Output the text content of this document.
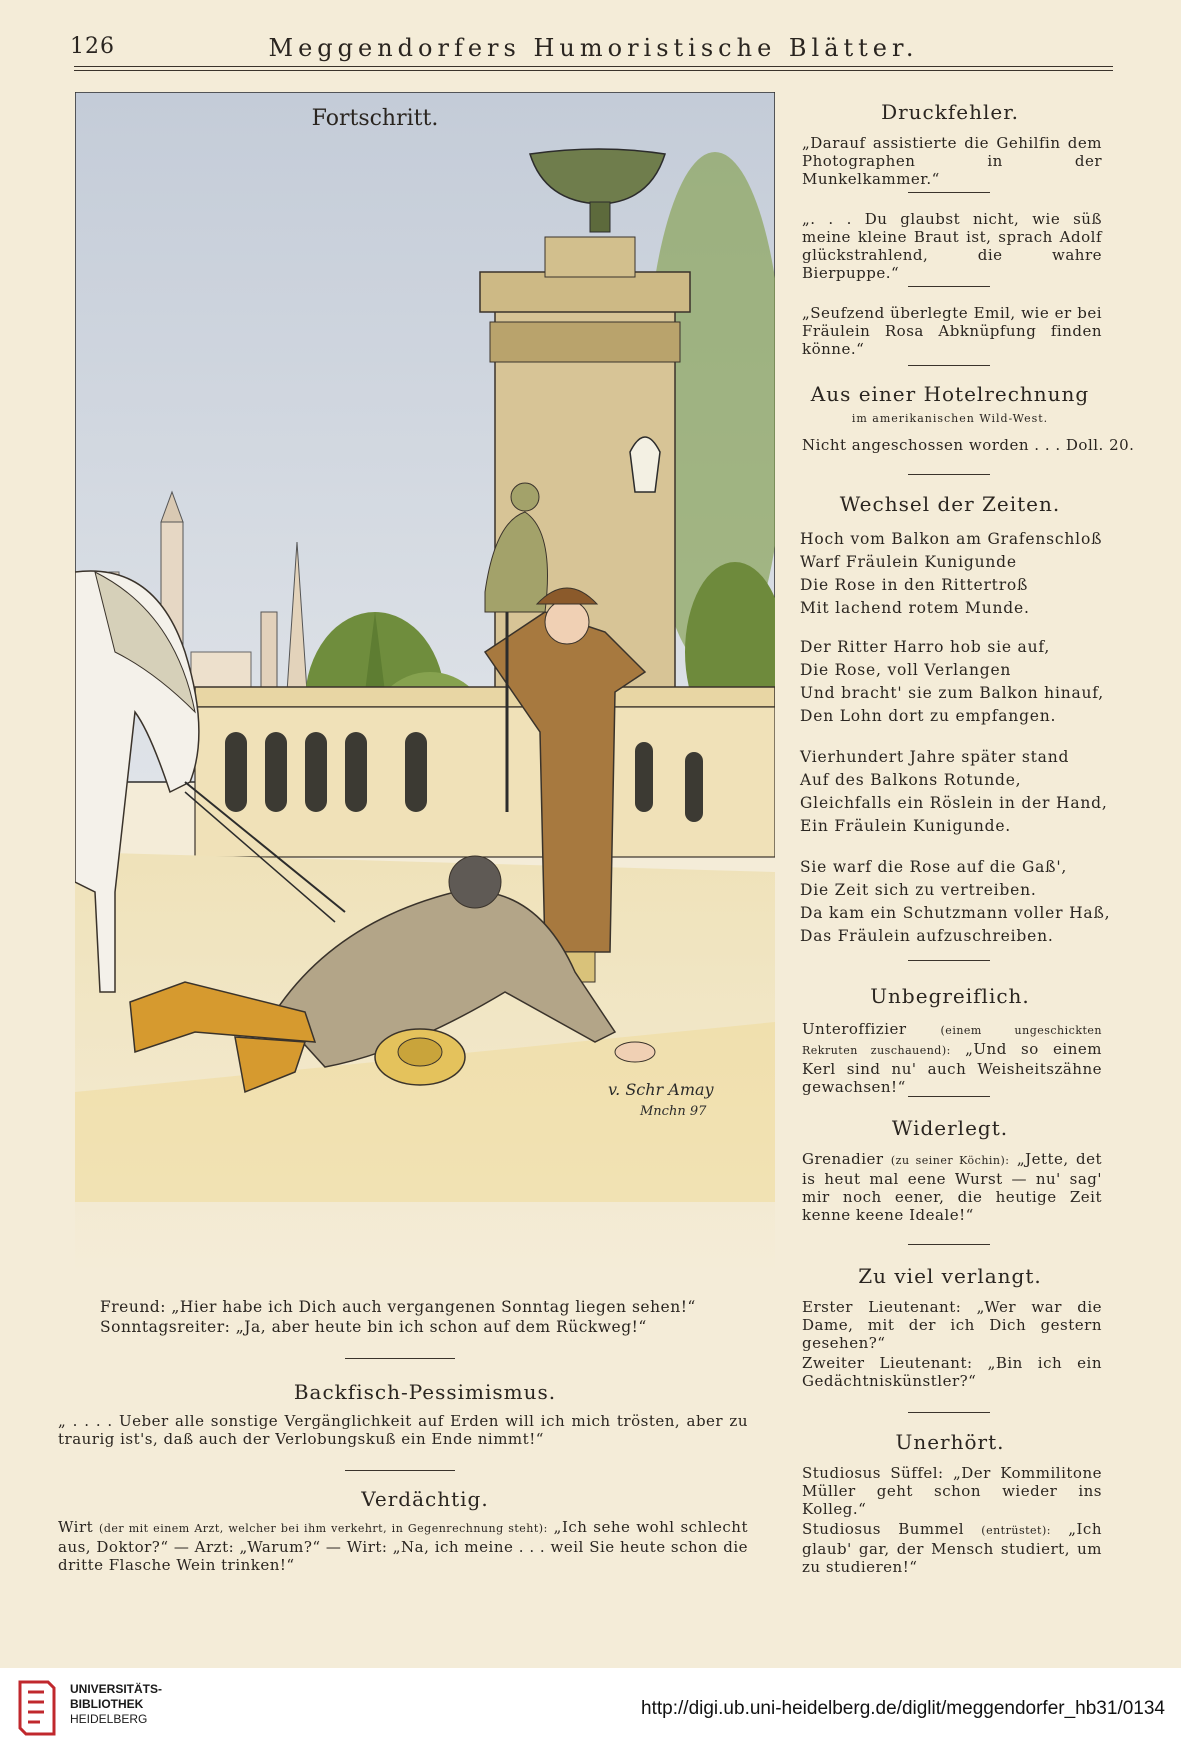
126	Meggendorfers Humoristische Blätter.
Fortschritt.
v. Schr Amay
Mnchn 97
Freund: „Hier habe ich Dich auch vergangenen Sonntag liegen sehen!“
Sonntagsreiter: „Ja, aber heute bin ich schon auf dem Rückweg!“
Backfisch-Pessimismus.
„ . . . . Ueber alle sonstige Vergänglichkeit auf Erden will ich mich trösten, aber zu traurig ist's, daß auch der Verlobungskuß ein Ende nimmt!“
Verdächtig.
Wirt (der mit einem Arzt, welcher bei ihm verkehrt, in Gegenrechnung steht): „Ich sehe wohl schlecht aus, Doktor?“ — Arzt: „Warum?“ — Wirt: „Na, ich meine . . . weil Sie heute schon die dritte Flasche Wein trinken!“
Druckfehler.
„Darauf assistierte die Gehilfin dem Photographen in der Munkelkammer.“
„. . . Du glaubst nicht, wie süß meine kleine Braut ist, sprach Adolf glückstrahlend, die wahre Bierpuppe.“
„Seufzend überlegte Emil, wie er bei Fräulein Rosa Abknüpfung finden könne.“
Aus einer Hotelrechnung
im amerikanischen Wild-West.
Nicht angeschossen worden . . . Doll. 20.
Wechsel der Zeiten.
Hoch vom Balkon am Grafenschloß
Warf Fräulein Kunigunde
Die Rose in den Rittertroß
Mit lachend rotem Munde.
Der Ritter Harro hob sie auf,
Die Rose, voll Verlangen
Und bracht' sie zum Balkon hinauf,
Den Lohn dort zu empfangen.
Vierhundert Jahre später stand
Auf des Balkons Rotunde,
Gleichfalls ein Röslein in der Hand,
Ein Fräulein Kunigunde.
Sie warf die Rose auf die Gaß',
Die Zeit sich zu vertreiben.
Da kam ein Schutzmann voller Haß,
Das Fräulein aufzuschreiben.
Unbegreiflich.
Unteroffizier	(einem ungeschickten Rekruten zuschauend): „Und so einem Kerl sind nu' auch Weisheitszähne gewachsen!“
Widerlegt.
Grenadier (zu seiner Köchin): „Jette, det is heut mal eene Wurst — nu' sag' mir noch eener, die heutige Zeit kenne keene Ideale!“
Zu viel verlangt.
Erster Lieutenant: „Wer war die Dame, mit der ich Dich gestern gesehen?“
Zweiter Lieutenant: „Bin ich ein Gedächtniskünstler?“
Unerhört.
Studiosus Süffel: „Der Kommilitone Müller geht schon wieder ins Kolleg.“
Studiosus Bummel (entrüstet): „Ich glaub' gar, der Mensch studiert, um zu studieren!“
UNIVERSITÄTS-
BIBLIOTHEK
HEIDELBERG	http://digi.ub.uni-heidelberg.de/diglit/meggendorfer_hb31/0134
